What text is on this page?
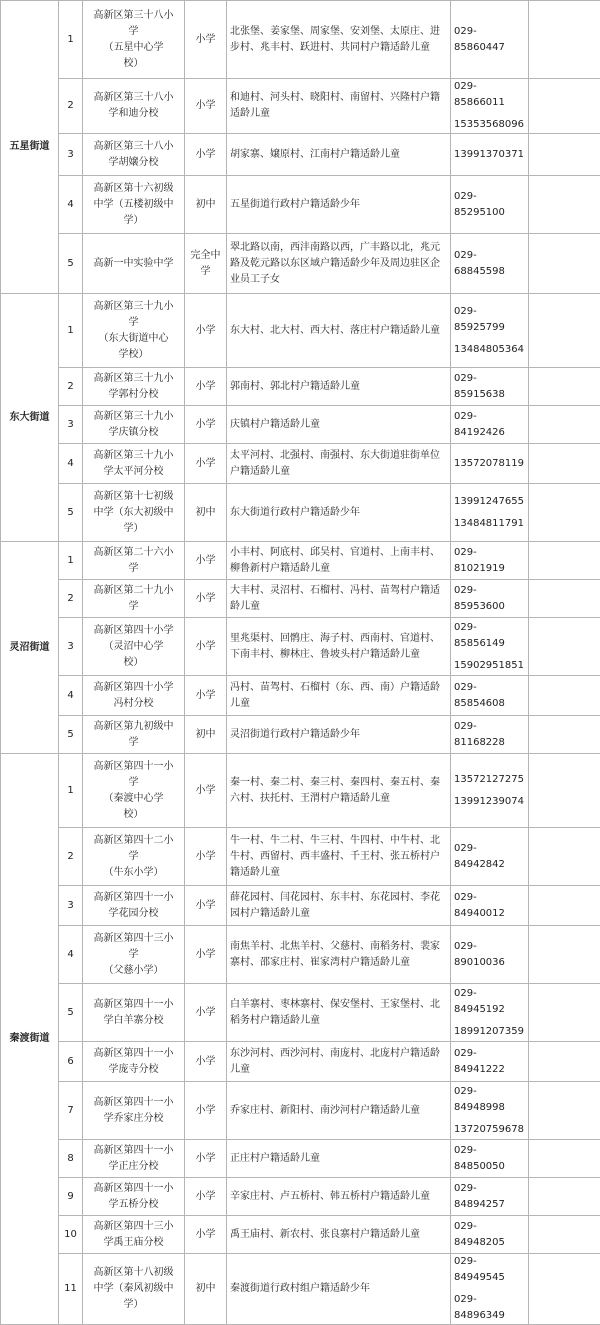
五星街道	1	高新区第三十八小
学
（五星中心学
校）	小学	北张堡、姜家堡、周家堡、安刘堡、太原庄、进步村、兆丰村、跃进村、共同村户籍适龄儿童	029-85860447	

	2	高新区第三十八小
学和迪分校	小学	和迪村、河头村、晓阳村、南留村、兴隆村户籍适龄儿童	029-85866011
15353568096	

	3	高新区第三十八小
学胡嬢分校	小学	胡家寨、嬢原村、江南村户籍适龄儿童	13991370371	

	4	高新区第十六初级
中学（五楼初级中
学）	初中	五星街道行政村户籍适龄少年	029-85295100	

	5	高新一中实验中学	完全中学	翠北路以南，西沣南路以西，广丰路以北，兆元路及乾元路以东区域户籍适龄少年及周边驻区企业员工子女	029-68845598	

东大街道	1	高新区第三十九小
学
（东大街道中心
学校）	小学	东大村、北大村、西大村、落庄村户籍适龄儿童	029-85925799
13484805364	

	2	高新区第三十九小
学郭村分校	小学	郭南村、郭北村户籍适龄儿童	029-85915638	

	3	高新区第三十九小
学庆镇分校	小学	庆镇村户籍适龄儿童	029-84192426	

	4	高新区第三十九小
学太平河分校	小学	太平河村、北强村、南强村、东大街道驻街单位户籍适龄儿童	13572078119	

	5	高新区第十七初级
中学（东大初级中
学）	初中	东大街道行政村户籍适龄少年	13991247655
13484811791	

灵沼街道	1	高新区第二十六小
学	小学	小丰村、阿底村、邱吴村、官道村、上南丰村、柳鲁新村户籍适龄儿童	029-81021919	

	2	高新区第二十九小
学	小学	大丰村、灵沼村、石榴村、冯村、苗驾村户籍适龄儿童	029-85953600	

	3	高新区第四十小学
（灵沼中心学
校）	小学	里兆渠村、回鹘庄、海子村、西南村、官道村、下南丰村、柳林庄、鲁坡头村户籍适龄儿童	029-85856149
15902951851	

	4	高新区第四十小学
冯村分校	小学	冯村、苗驾村、石榴村（东、西、南）户籍适龄儿童	029-85854608	

	5	高新区第九初级中
学	初中	灵沼街道行政村户籍适龄少年	029-81168228	

秦渡街道	1	高新区第四十一小
学
（秦渡中心学
校）	小学	秦一村、秦二村、秦三村、秦四村、秦五村、秦六村、扶托村、王渭村户籍适龄儿童	13572127275
13991239074	

	2	高新区第四十二小
学
（牛东小学）	小学	牛一村、牛二村、牛三村、牛四村、中牛村、北牛村、西留村、西丰盛村、千王村、张五桥村户籍适龄儿童	029-84942842	

	3	高新区第四十一小
学花园分校	小学	薛花园村、闫花园村、东丰村、东花园村、李花园村户籍适龄儿童	029-84940012	

	4	高新区第四十三小
学
（父慈小学）	小学	南焦羊村、北焦羊村、父慈村、南稻务村、裴家寨村、邵家庄村、崔家湾村户籍适龄儿童	029-89010036	

	5	高新区第四十一小
学白羊寨分校	小学	白羊寨村、枣林寨村、保安堡村、王家堡村、北稻务村户籍适龄儿童	029-84945192
18991207359	

	6	高新区第四十一小
学庞寺分校	小学	东沙河村、西沙河村、南庞村、北庞村户籍适龄儿童	029-84941222	

	7	高新区第四十一小
学乔家庄分校	小学	乔家庄村、新阳村、南沙河村户籍适龄儿童	029-84948998
13720759678	

	8	高新区第四十一小
学正庄分校	小学	正庄村户籍适龄儿童	029-84850050	

	9	高新区第四十一小
学五桥分校	小学	辛家庄村、卢五桥村、韩五桥村户籍适龄儿童	029-84894257	

	10	高新区第四十三小
学禹王庙分校	小学	禹王庙村、新农村、张良寨村户籍适龄儿童	029-84948205	

	11	高新区第十八初级
中学（秦风初级中
学）	初中	秦渡街道行政村组户籍适龄少年	029-84949545
029-84896349	
